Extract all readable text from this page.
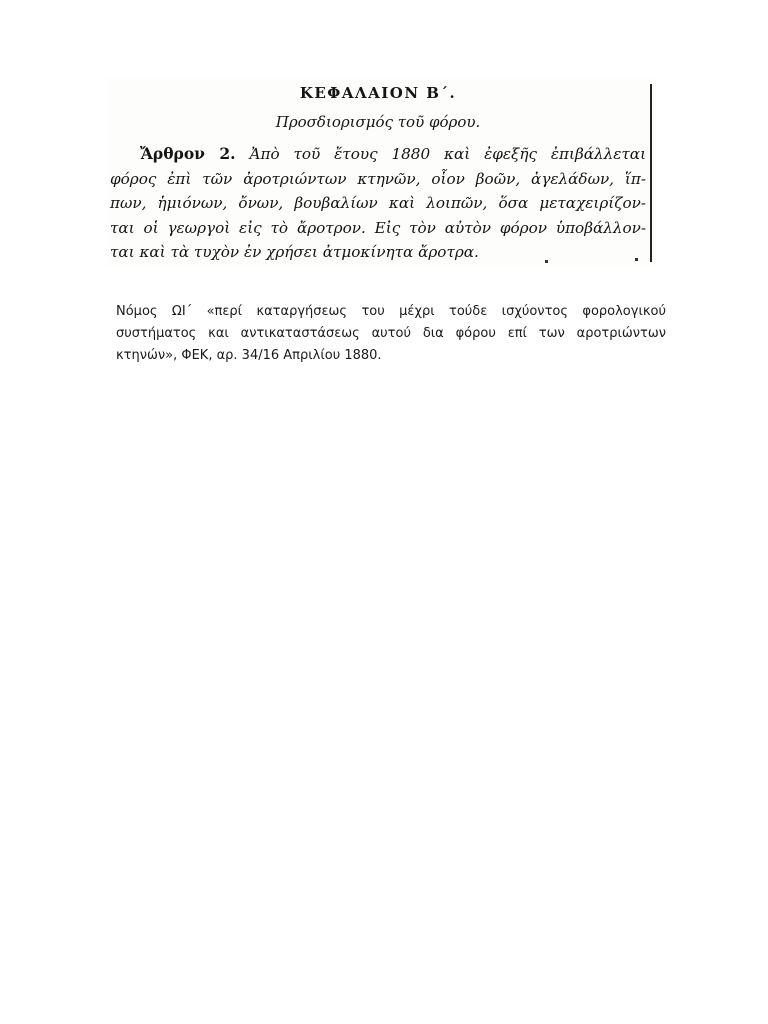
ΚΕΦΑΛΑΙΟΝ Β΄.
Προσδιορισμός τοῦ φόρου.
Ἄρθρον 2. Ἀπὸ τοῦ ἔτους 1880 καὶ ἐφεξῆς ἐπιβάλλεται
φόρος ἐπὶ τῶν ἀροτριώντων κτηνῶν, οἷον βοῶν, ἀγελάδων, ἵπ-
πων, ἡμιόνων, ὄνων, βουβαλίων καὶ λοιπῶν, ὅσα μεταχειρίζον-
ται οἱ γεωργοὶ εἰς τὸ ἄροτρον. Εἰς τὸν αὐτὸν φόρον ὑποβάλλον-
ται καὶ τὰ τυχὸν ἐν χρήσει ἀτμοκίνητα ἄροτρα.
Νόμος ΩΙ΄ «περί καταργήσεως του μέχρι τούδε ισχύοντος φορολογικού συστήματος και αντικαταστάσεως αυτού δια φόρου επί των αροτριώντων κτηνών», ΦΕΚ, αρ. 34/16 Απριλίου 1880.
